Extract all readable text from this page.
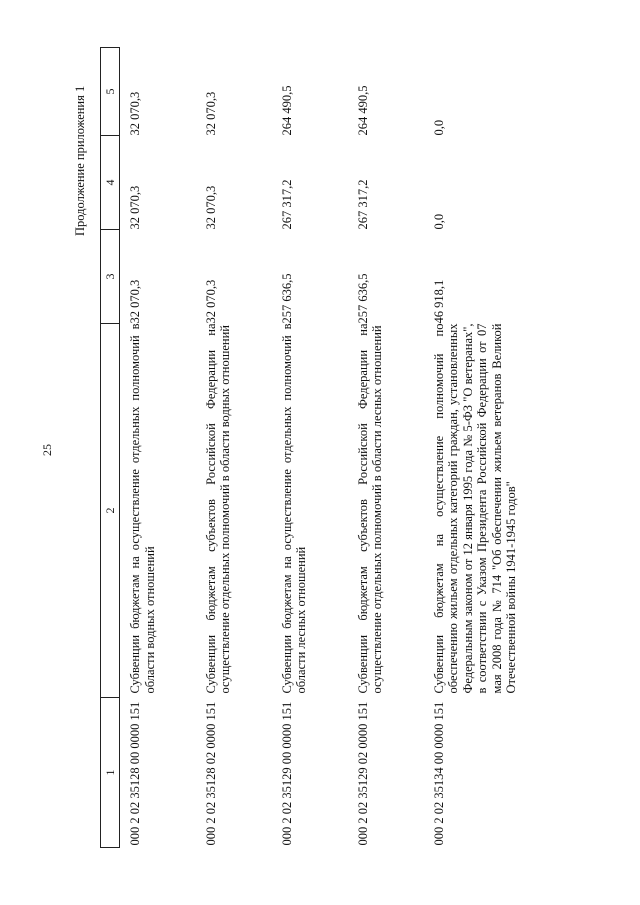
25
Продолжение приложения 1
1	2	3	4	5
000 2 02 35128 00 0000 151	Субвенции бюджетам на осуществление отдельных полномочий в области водных отношений	32 070,3	32 070,3	32 070,3
000 2 02 35128 02 0000 151	Субвенции бюджетам субъектов Российской Федерации на осуществление отдельных полномочий в области водных отношений	32 070,3	32 070,3	32 070,3
000 2 02 35129 00 0000 151	Субвенции бюджетам на осуществление отдельных полномочий в области лесных отношений	257 636,5	267 317,2	264 490,5
000 2 02 35129 02 0000 151	Субвенции бюджетам субъектов Российской Федерации на осуществление отдельных полномочий в области лесных отношений	257 636,5	267 317,2	264 490,5
000 2 02 35134 00 0000 151	Субвенции бюджетам на осуществление полномочий по обеспечению жильем отдельных категорий граждан, установленных Федеральным законом от 12 января 1995 года № 5-ФЗ "О ветеранах", в соответствии с Указом Президента Российской Федерации от 07 мая 2008 года № 714 "Об обеспечении жильем ветеранов Великой Отечественной войны 1941-1945 годов"	46 918,1	0,0	0,0
